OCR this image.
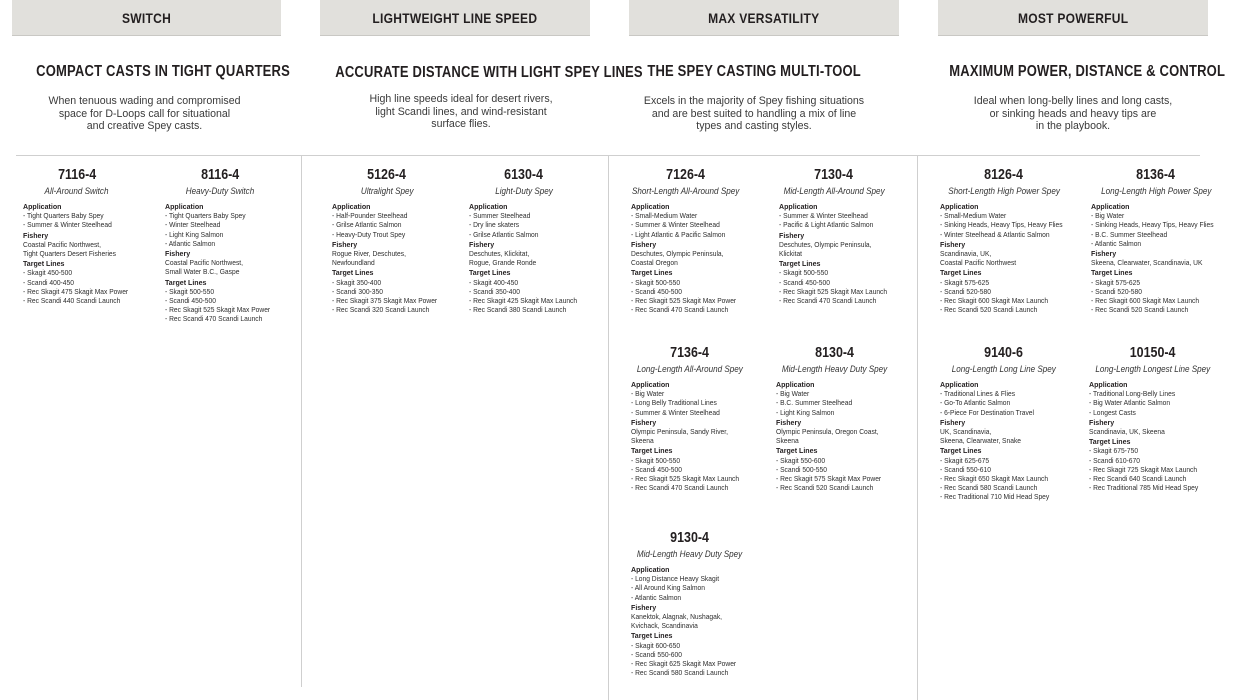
SWITCH	LIGHTWEIGHT LINE SPEED	MAX VERSATILITY	MOST POWERFUL
COMPACT CASTS IN TIGHT QUARTERS
When tenuous wading and compromised
space for D-Loops call for situational
and creative Spey casts.
ACCURATE DISTANCE WITH LIGHT SPEY LINES
High line speeds ideal for desert rivers,
light Scandi lines, and wind-resistant
surface flies.
THE SPEY CASTING MULTI-TOOL
Excels in the majority of Spey fishing situations
and are best suited to handling a mix of line
types and casting styles.
MAXIMUM POWER, DISTANCE & CONTROL
Ideal when long-belly lines and long casts,
or sinking heads and heavy tips are
in the playbook.
7116-4
All-Around Switch
Application
- Tight Quarters Baby Spey
- Summer & Winter Steelhead
Fishery
Coastal Pacific Northwest,
Tight Quarters Desert Fisheries
Target Lines
- Skagit 450-500
- Scandi 400-450
- Rec Skagit 475 Skagit Max Power
- Rec Scandi 440 Scandi Launch
8116-4
Heavy-Duty Switch
Application
- Tight Quarters Baby Spey
- Winter Steelhead
- Light King Salmon
- Atlantic Salmon
Fishery
Coastal Pacific Northwest,
Small Water B.C., Gaspe
Target Lines
- Skagit 500-550
- Scandi 450-500
- Rec Skagit 525 Skagit Max Power
- Rec Scandi 470 Scandi Launch
5126-4
Ultralight Spey
Application
- Half-Pounder Steelhead
- Grilse Atlantic Salmon
- Heavy-Duty Trout Spey
Fishery
Rogue River, Deschutes,
Newfoundland
Target Lines
- Skagit 350-400
- Scandi 300-350
- Rec Skagit 375 Skagit Max Power
- Rec Scandi 320 Scandi Launch
6130-4
Light-Duty Spey
Application
- Summer Steelhead
- Dry line skaters
- Grilse Atlantic Salmon
Fishery
Deschutes, Klickitat,
Rogue, Grande Ronde
Target Lines
- Skagit 400-450
- Scandi 350-400
- Rec Skagit 425 Skagit Max Launch
- Rec Scandi 380 Scandi Launch
7126-4
Short-Length All-Around Spey
Application
- Small-Medium Water
- Summer & Winter Steelhead
- Light Atlantic & Pacific Salmon
Fishery
Deschutes, Olympic Peninsula,
Coastal Oregon
Target Lines
- Skagit 500-550
- Scandi 450-500
- Rec Skagit 525 Skagit Max Power
- Rec Scandi 470 Scandi Launch
7130-4
Mid-Length All-Around Spey
Application
- Summer & Winter Steelhead
- Pacific & Light Atlantic Salmon
Fishery
Deschutes, Olympic Peninsula,
Klickitat
Target Lines
- Skagit 500-550
- Scandi 450-500
- Rec Skagit 525 Skagit Max Launch
- Rec Scandi 470 Scandi Launch
7136-4
Long-Length All-Around Spey
Application
- Big Water
- Long Belly Traditional Lines
- Summer & Winter Steelhead
Fishery
Olympic Peninsula, Sandy River,
Skeena
Target Lines
- Skagit 500-550
- Scandi 450-500
- Rec Skagit 525 Skagit Max Launch
- Rec Scandi 470 Scandi Launch
8130-4
Mid-Length Heavy Duty Spey
Application
- Big Water
- B.C. Summer Steelhead
- Light King Salmon
Fishery
Olympic Peninsula, Oregon Coast,
Skeena
Target Lines
- Skagit 550-600
- Scandi 500-550
- Rec Skagit 575 Skagit Max Power
- Rec Scandi 520 Scandi Launch
9130-4
Mid-Length Heavy Duty Spey
Application
- Long Distance Heavy Skagit
- All Around King Salmon
- Atlantic Salmon
Fishery
Kanektok, Alagnak, Nushagak,
Kvichack, Scandinavia
Target Lines
- Skagit 600-650
- Scandi 550-600
- Rec Skagit 625 Skagit Max Power
- Rec Scandi 580 Scandi Launch
8126-4
Short-Length High Power Spey
Application
- Small-Medium Water
- Sinking Heads, Heavy Tips, Heavy Flies
- Winter Steelhead & Atlantic Salmon
Fishery
Scandinavia, UK,
Coastal Pacific Northwest
Target Lines
- Skagit 575-625
- Scandi 520-580
- Rec Skagit 600 Skagit Max Launch
- Rec Scandi 520 Scandi Launch
8136-4
Long-Length High Power Spey
Application
- Big Water
- Sinking Heads, Heavy Tips, Heavy Flies
- B.C. Summer Steelhead
- Atlantic Salmon
Fishery
Skeena, Clearwater, Scandinavia, UK
Target Lines
- Skagit 575-625
- Scandi 520-580
- Rec Skagit 600 Skagit Max Launch
- Rec Scandi 520 Scandi Launch
9140-6
Long-Length Long Line Spey
Application
- Traditional Lines & Flies
- Go-To Atlantic Salmon
- 6-Piece For Destination Travel
Fishery
UK, Scandinavia,
Skeena, Clearwater, Snake
Target Lines
- Skagit 625-675
- Scandi 550-610
- Rec Skagit 650 Skagit Max Launch
- Rec Scandi 580 Scandi Launch
- Rec Traditional 710 Mid Head Spey
10150-4
Long-Length Longest Line Spey
Application
- Traditional Long-Belly Lines
- Big Water Atlantic Salmon
- Longest Casts
Fishery
Scandinavia, UK, Skeena
Target Lines
- Skagit 675-750
- Scandi 610-670
- Rec Skagit 725 Skagit Max Launch
- Rec Scandi 640 Scandi Launch
- Rec Traditional 785 Mid Head Spey
